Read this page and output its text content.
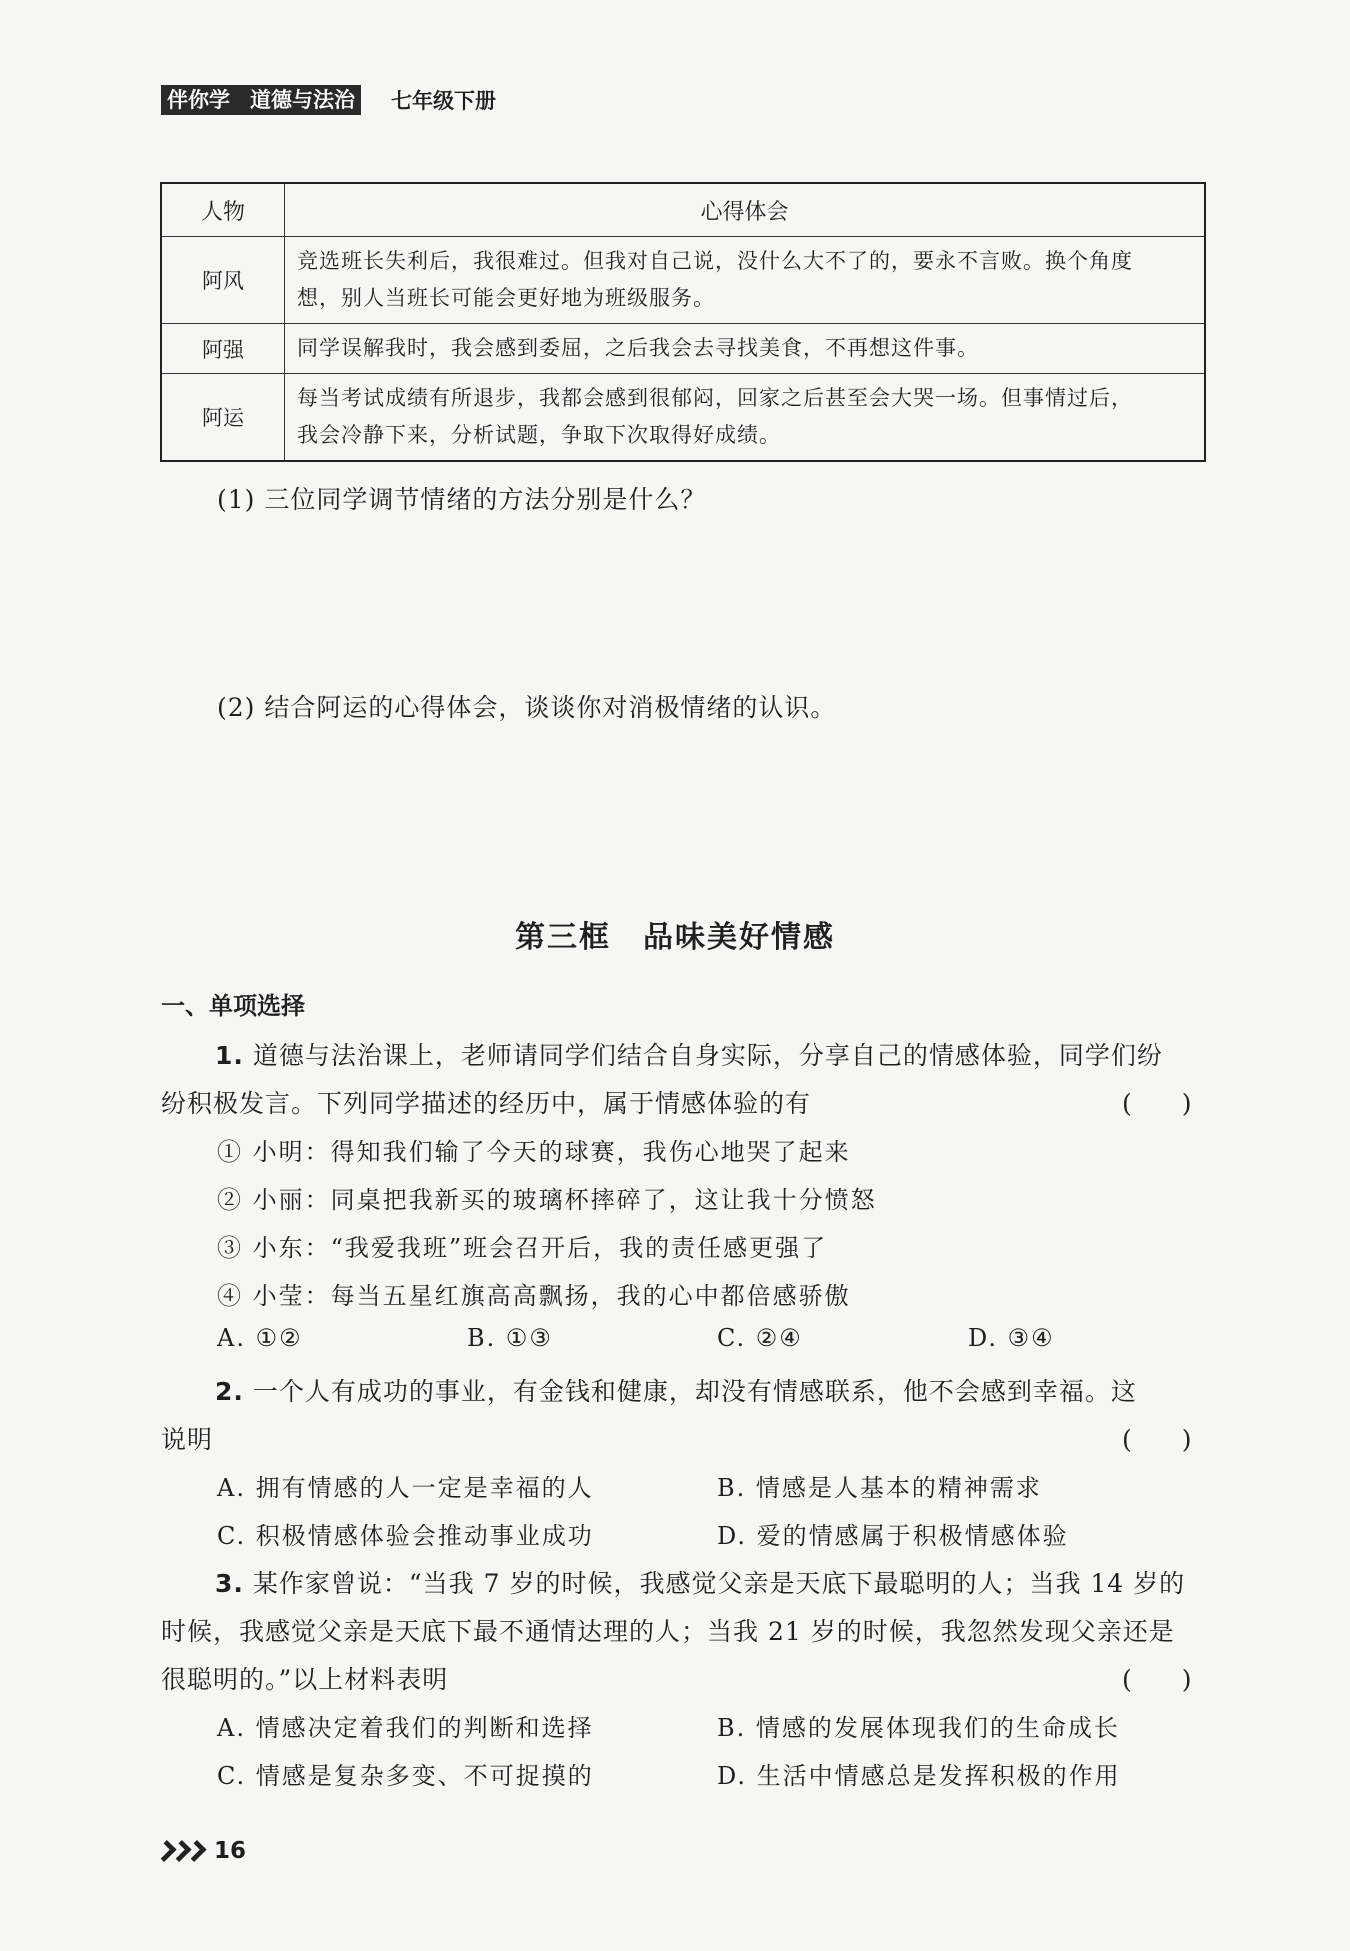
伴你学 道德与法治 七年级下册
人物	心得体会
阿风	竞选班长失利后，我很难过。但我对自己说，没什么大不了的，要永不言败。换个角度
想，别人当班长可能会更好地为班级服务。

阿强	同学误解我时，我会感到委屈，之后我会去寻找美食，不再想这件事。

阿运	每当考试成绩有所退步，我都会感到很郁闷，回家之后甚至会大哭一场。但事情过后，
我会冷静下来，分析试题，争取下次取得好成绩。
(1) 三位同学调节情绪的方法分别是什么？
(2) 结合阿运的心得体会，谈谈你对消极情绪的认识。
第三框　品味美好情感
一、单项选择
1. 道德与法治课上，老师请同学们结合自身实际，分享自己的情感体验，同学们纷
纷积极发言。下列同学描述的经历中，属于情感体验的有	(　　)
① 小明：得知我们输了今天的球赛，我伤心地哭了起来
② 小丽：同桌把我新买的玻璃杯摔碎了，这让我十分愤怒
③ 小东：“我爱我班”班会召开后，我的责任感更强了
④ 小莹：每当五星红旗高高飘扬，我的心中都倍感骄傲
A. ①②	B. ①③	C. ②④	D. ③④
2. 一个人有成功的事业，有金钱和健康，却没有情感联系，他不会感到幸福。这
说明	(　　)
A. 拥有情感的人一定是幸福的人	B. 情感是人基本的精神需求
C. 积极情感体验会推动事业成功	D. 爱的情感属于积极情感体验
3. 某作家曾说：“当我 7 岁的时候，我感觉父亲是天底下最聪明的人；当我 14 岁的
时候，我感觉父亲是天底下最不通情达理的人；当我 21 岁的时候，我忽然发现父亲还是
很聪明的。”以上材料表明	(　　)
A. 情感决定着我们的判断和选择	B. 情感的发展体现我们的生命成长
C. 情感是复杂多变、不可捉摸的	D. 生活中情感总是发挥积极的作用
16
